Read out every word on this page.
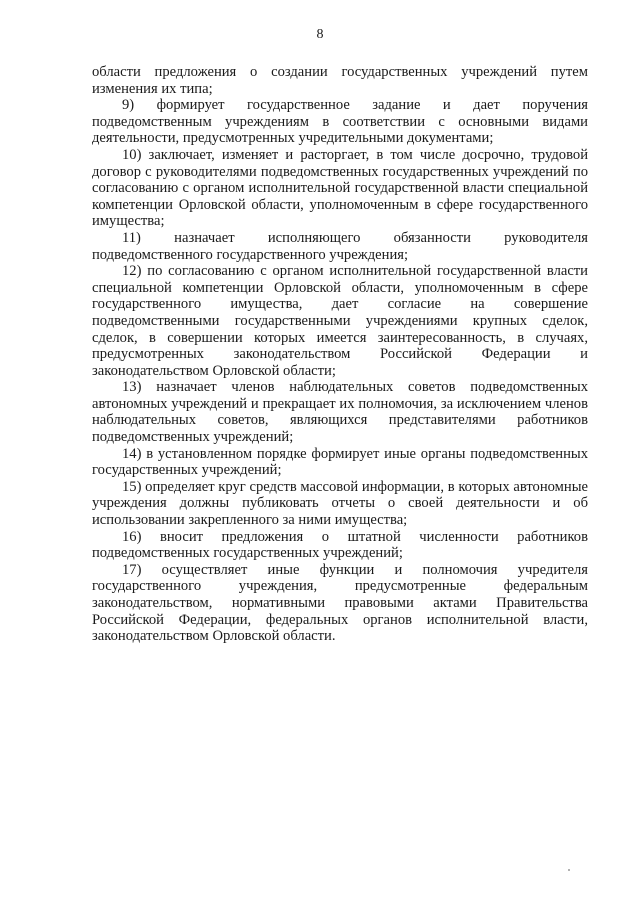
8

области предложения о создании государственных учреждений путем изменения их типа;

9) формирует государственное задание и дает поручения подведомственным учреждениям в соответствии с основными видами деятельности, предусмотренных учредительными документами;

10) заключает, изменяет и расторгает, в том числе досрочно, трудовой договор с руководителями подведомственных государственных учреждений по согласованию с органом исполнительной государственной власти специальной компетенции Орловской области, уполномоченным в сфере государственного имущества;

11) назначает исполняющего обязанности руководителя подведомственного государственного учреждения;

12) по согласованию с органом исполнительной государственной власти специальной компетенции Орловской области, уполномоченным в сфере государственного имущества, дает согласие на совершение подведомственными государственными учреждениями крупных сделок, сделок, в совершении которых имеется заинтересованность, в случаях, предусмотренных законодательством Российской Федерации и законодательством Орловской области;

13) назначает членов наблюдательных советов подведомственных автономных учреждений и прекращает их полномочия, за исключением членов наблюдательных советов, являющихся представителями работников подведомственных учреждений;

14) в установленном порядке формирует иные органы подведомственных государственных учреждений;

15) определяет круг средств массовой информации, в которых автономные учреждения должны публиковать отчеты о своей деятельности и об использовании закрепленного за ними имущества;

16) вносит предложения о штатной численности работников подведомственных государственных учреждений;

17) осуществляет иные функции и полномочия учредителя государственного учреждения, предусмотренные федеральным законодательством, нормативными правовыми актами Правительства Российской Федерации, федеральных органов исполнительной власти, законодательством Орловской области.
